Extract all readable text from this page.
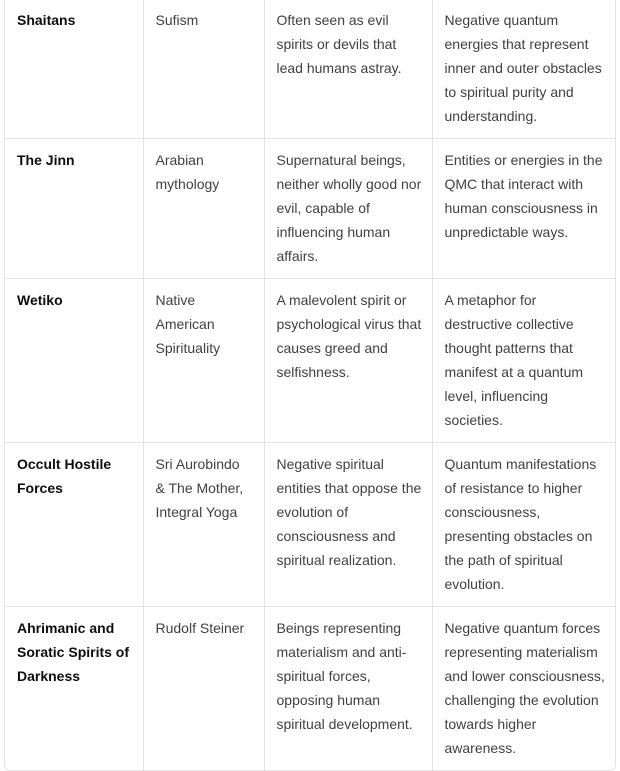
Shaitans	Sufism	Often seen as evil spirits or devils that lead humans astray.	Negative quantum energies that represent inner and outer obstacles to spiritual purity and understanding.
The Jinn	Arabian mythology	Supernatural beings, neither wholly good nor evil, capable of influencing human affairs.	Entities or energies in the QMC that interact with human consciousness in unpredictable ways.
Wetiko	Native American Spirituality	A malevolent spirit or psychological virus that causes greed and selfishness.	A metaphor for destructive collective thought patterns that manifest at a quantum level, influencing societies.
Occult Hostile Forces	Sri Aurobindo & The Mother, Integral Yoga	Negative spiritual entities that oppose the evolution of consciousness and spiritual realization.	Quantum manifestations of resistance to higher consciousness, presenting obstacles on the path of spiritual evolution.
Ahrimanic and Soratic Spirits of Darkness	Rudolf Steiner	Beings representing materialism and anti-spiritual forces, opposing human spiritual development.	Negative quantum forces representing materialism and lower consciousness, challenging the evolution towards higher awareness.
